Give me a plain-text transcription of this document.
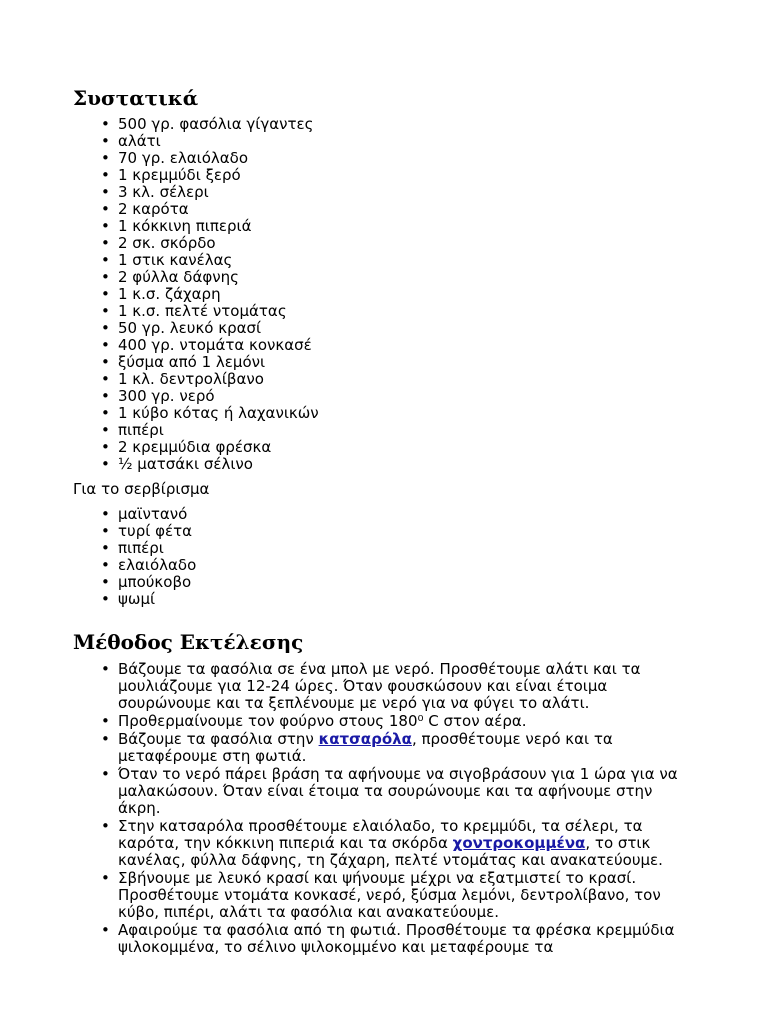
Συστατικά
• 500 γρ. φασόλια γίγαντες
• αλάτι
• 70 γρ. ελαιόλαδο
• 1 κρεμμύδι ξερό
• 3 κλ. σέλερι
• 2 καρότα
• 1 κόκκινη πιπεριά
• 2 σκ. σκόρδο
• 1 στικ κανέλας
• 2 φύλλα δάφνης
• 1 κ.σ. ζάχαρη
• 1 κ.σ. πελτέ ντομάτας
• 50 γρ. λευκό κρασί
• 400 γρ. ντομάτα κονκασέ
• ξύσμα από 1 λεμόνι
• 1 κλ. δεντρολίβανο
• 300 γρ. νερό
• 1 κύβο κότας ή λαχανικών
• πιπέρι
• 2 κρεμμύδια φρέσκα
• ½ ματσάκι σέλινο

Για το σερβίρισμα

• μαϊντανό
• τυρί φέτα
• πιπέρι
• ελαιόλαδο
• μπούκοβο
• ψωμί
Μέθοδος Εκτέλεσης
• Βάζουμε τα φασόλια σε ένα μπολ με νερό. Προσθέτουμε αλάτι και τα μουλιάζουμε για 12-24 ώρες. Όταν φουσκώσουν και είναι έτοιμα σουρώνουμε και τα ξεπλένουμε με νερό για να φύγει το αλάτι.
• Προθερμαίνουμε τον φούρνο στους 180⁰ C στον αέρα.
• Βάζουμε τα φασόλια στην κατσαρόλα, προσθέτουμε νερό και τα μεταφέρουμε στη φωτιά.
• Όταν το νερό πάρει βράση τα αφήνουμε να σιγοβράσουν για 1 ώρα για να μαλακώσουν. Όταν είναι έτοιμα τα σουρώνουμε και τα αφήνουμε στην άκρη.
• Στην κατσαρόλα προσθέτουμε ελαιόλαδο, το κρεμμύδι, τα σέλερι, τα καρότα, την κόκκινη πιπεριά και τα σκόρδα χοντροκομμένα, το στικ κανέλας, φύλλα δάφνης, τη ζάχαρη, πελτέ ντομάτας και ανακατεύουμε.
• Σβήνουμε με λευκό κρασί και ψήνουμε μέχρι να εξατμιστεί το κρασί. Προσθέτουμε ντομάτα κονκασέ, νερό, ξύσμα λεμόνι, δεντρολίβανο, τον κύβο, πιπέρι, αλάτι τα φασόλια και ανακατεύουμε.
• Αφαιρούμε τα φασόλια από τη φωτιά. Προσθέτουμε τα φρέσκα κρεμμύδια ψιλοκομμένα, το σέλινο ψιλοκομμένο και μεταφέρουμε τα
